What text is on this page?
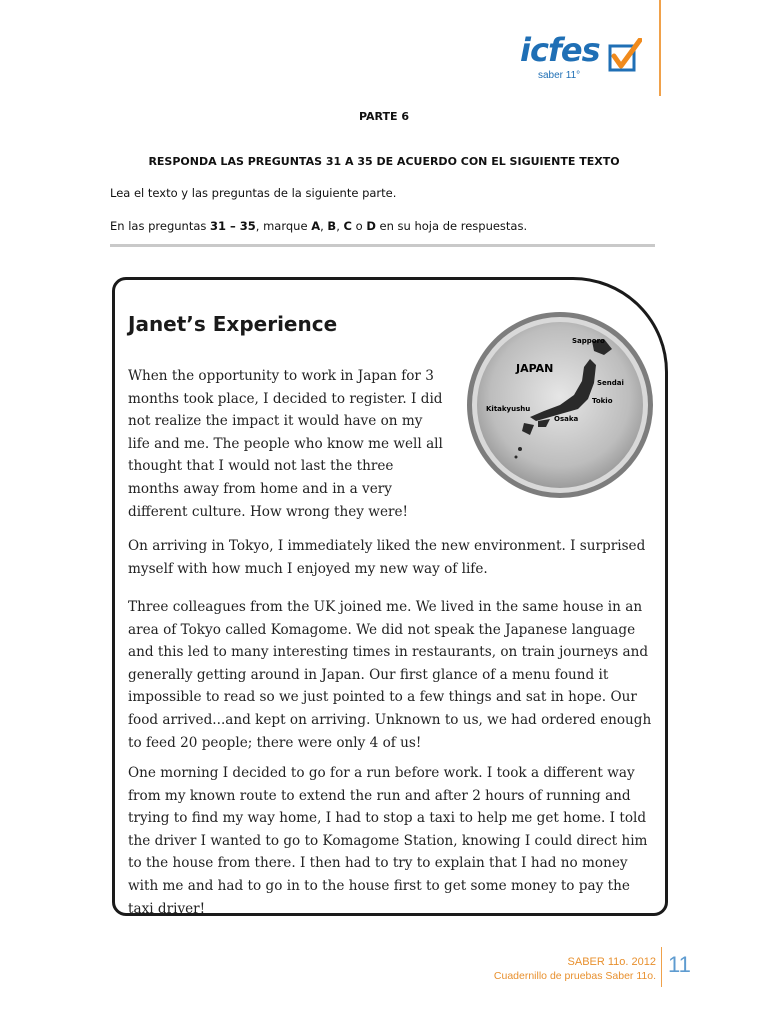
icfes
saber 11°
PARTE 6
RESPONDA LAS PREGUNTAS 31 A 35 DE ACUERDO CON EL SIGUIENTE TEXTO
Lea el texto y las preguntas de la siguiente parte.
En las preguntas 31 – 35, marque A, B, C o D en su hoja de respuestas.
Janet’s Experience
JAPAN
Sapporo
Sendai
Tokio
Kitakyushu
Osaka

When the opportunity to work in Japan for 3 months took place, I decided to register. I did not realize the impact it would have on my life and me. The people who know me well all thought that I would not last the three months away from home and in a very different culture. How wrong they were!

On arriving in Tokyo, I immediately liked the new environment. I surprised myself with how much I enjoyed my new way of life.

Three colleagues from the UK joined me. We lived in the same house in an area of Tokyo called Komagome. We did not speak the Japanese language and this led to many interesting times in restaurants, on train journeys and generally getting around in Japan. Our first glance of a menu found it impossible to read so we just pointed to a few things and sat in hope. Our food arrived...and kept on arriving. Unknown to us, we had ordered enough to feed 20 people; there were only 4 of us!

One morning I decided to go for a run before work. I took a different way from my known route to extend the run and after 2 hours of running and trying to find my way home, I had to stop a taxi to help me get home. I told the driver I wanted to go to Komagome Station, knowing I could direct him to the house from there. I then had to try to explain that I had no money with me and had to go in to the house first to get some money to pay the taxi driver!

SABER 11o. 2012
Cuadernillo de pruebas Saber 11o. 11
